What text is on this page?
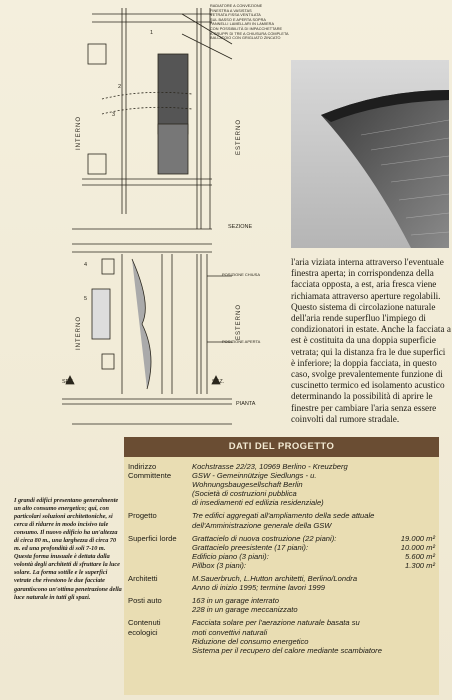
RADIATORE A CONVEZIONE
FINESTRA A VASISTAS
VETRATA FISSA VENTILATA
SUL BASSO E APERTA SOPRA
PANNELLI LAMELLARI IN LAMIERA
CON POSSIBILITÀ DI IMPACCHETTARE
A GRUPPI DI TRE A CHIUSURA COMPLETA
BALLATOIO CON GRIGLIATO ZINCATO
INTERNO	ESTERNO
SEZIONE
INTERNO	ESTERNO
POSIZIONE CHIUSA
POSIZIONE APERTA
SEZ.	SEZ.
PIANTA
l'aria viziata interna attraverso l'eventuale finestra aperta; in corrispondenza della facciata opposta, a est, aria fresca viene richiamata attraverso aperture regolabili. Questo sistema di circolazione naturale dell'aria rende superfluo l'impiego di condizionatori in estate. Anche la facciata a est è costituita da una doppia superficie vetrata; qui la distanza fra le due superfici è inferiore; la doppia facciata, in questo caso, svolge prevalentemente funzione di cuscinetto termico ed isolamento acustico determinando la possibilità di aprire le finestre per cambiare l'aria senza essere coinvolti dal rumore stradale.
I grandi edifici presentano generalmente un alto consumo energetico; qui, con particolari soluzioni architettoniche, si cerca di ridurre in modo incisivo tale consumo. Il nuovo edificio ha un'altezza di circa 80 m., una larghezza di circa 70 m. ed una profondità di soli 7-10 m. Questa forma inusuale è dettata dalla volontà degli architetti di sfruttare la luce solare. La forma sottile e le superfici vetrate che rivestono le due facciate garantiscono un'ottima penetrazione della luce naturale in tutti gli spazi.
DATI DEL PROGETTO
Indirizzo	Kochstrasse 22/23, 10969 Berlino - Kreuzberg
Committente	GSW - Gemeinnützige Siedlungs - u.
Wohnungsbaugesellschaft Berlin
(Società di costruzioni pubblica
di insediamenti ed edilizia residenziale)
Progetto	Tre edifici aggregati all'ampliamento della sede attuale
dell'Amministrazione generale della GSW
Superfici lorde	Grattacielo di nuova costruzione (22 piani):	19.000 m²
Grattacielo preesistente (17 piani):	10.000 m²
Edificio piano (3 piani):	5.600 m²
Pillbox (3 piani):	1.300 m²
Architetti	M.Sauerbruch, L.Hutton architetti, Berlino/Londra
Anno di inizio 1995; termine lavori 1999
Posti auto	163 in un garage interrato
228 in un garage meccanizzato
Contenuti ecologici
Facciata solare per l'aerazione naturale basata su
moti convettivi naturali
Riduzione del consumo energetico
Sistema per il recupero del calore mediante scambiatore
1
2
3
4
5
